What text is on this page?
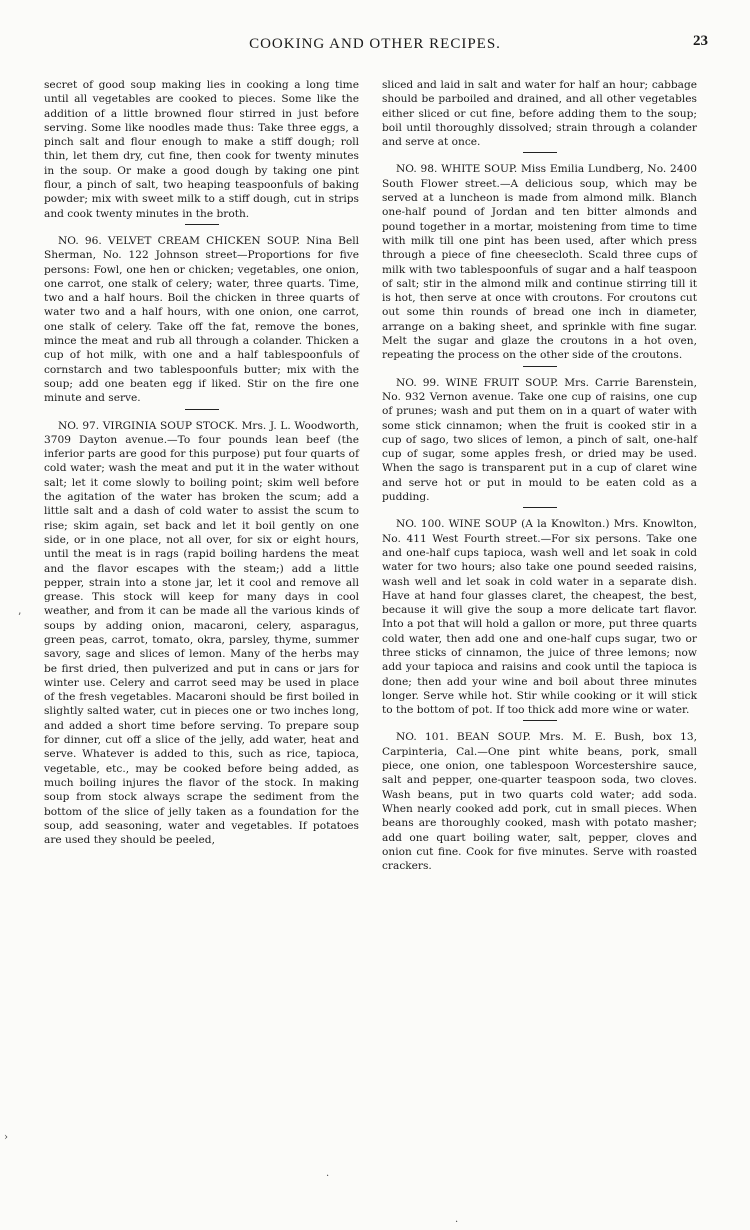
COOKING AND OTHER RECIPES.	23

secret of good soup making lies in cooking a long time until all vegetables are cooked to pieces. Some like the addition of a little browned flour stirred in just before serving. Some like noodles made thus: Take three eggs, a pinch salt and flour enough to make a stiff dough; roll thin, let them dry, cut fine, then cook for twenty minutes in the soup. Or make a good dough by taking one pint flour, a pinch of salt, two heaping teaspoonfuls of baking powder; mix with sweet milk to a stiff dough, cut in strips and cook twenty minutes in the broth.

NO. 96. VELVET CREAM CHICKEN SOUP. Nina Bell Sherman, No. 122 Johnson street—Proportions for five persons: Fowl, one hen or chicken; vegetables, one onion, one carrot, one stalk of celery; water, three quarts. Time, two and a half hours. Boil the chicken in three quarts of water two and a half hours, with one onion, one carrot, one stalk of celery. Take off the fat, remove the bones, mince the meat and rub all through a colander. Thicken a cup of hot milk, with one and a half tablespoonfuls of cornstarch and two tablespoonfuls butter; mix with the soup; add one beaten egg if liked. Stir on the fire one minute and serve.

NO. 97. VIRGINIA SOUP STOCK. Mrs. J. L. Woodworth, 3709 Dayton avenue.—To four pounds lean beef (the inferior parts are good for this purpose) put four quarts of cold water; wash the meat and put it in the water without salt; let it come slowly to boiling point; skim well before the agitation of the water has broken the scum; add a little salt and a dash of cold water to assist the scum to rise; skim again, set back and let it boil gently on one side, or in one place, not all over, for six or eight hours, until the meat is in rags (rapid boiling hardens the meat and the flavor escapes with the steam;) add a little pepper, strain into a stone jar, let it cool and remove all grease. This stock will keep for many days in cool weather, and from it can be made all the various kinds of soups by adding onion, macaroni, celery, asparagus, green peas, carrot, tomato, okra, parsley, thyme, summer savory, sage and slices of lemon. Many of the herbs may be first dried, then pulverized and put in cans or jars for winter use. Celery and carrot seed may be used in place of the fresh vegetables. Macaroni should be first boiled in slightly salted water, cut in pieces one or two inches long, and added a short time before serving. To prepare soup for dinner, cut off a slice of the jelly, add water, heat and serve. Whatever is added to this, such as rice, tapioca, vegetable, etc., may be cooked before being added, as much boiling injures the flavor of the stock. In making soup from stock always scrape the sediment from the bottom of the slice of jelly taken as a foundation for the soup, add seasoning, water and vegetables. If potatoes are used they should be peeled,

sliced and laid in salt and water for half an hour; cabbage should be parboiled and drained, and all other vegetables either sliced or cut fine, before adding them to the soup; boil until thoroughly dissolved; strain through a colander and serve at once.

NO. 98. WHITE SOUP. Miss Emilia Lundberg, No. 2400 South Flower street.—A delicious soup, which may be served at a luncheon is made from almond milk. Blanch one-half pound of Jordan and ten bitter almonds and pound together in a mortar, moistening from time to time with milk till one pint has been used, after which press through a piece of fine cheesecloth. Scald three cups of milk with two tablespoonfuls of sugar and a half teaspoon of salt; stir in the almond milk and continue stirring till it is hot, then serve at once with croutons. For croutons cut out some thin rounds of bread one inch in diameter, arrange on a baking sheet, and sprinkle with fine sugar. Melt the sugar and glaze the croutons in a hot oven, repeating the process on the other side of the croutons.

NO. 99. WINE FRUIT SOUP. Mrs. Carrie Barenstein, No. 932 Vernon avenue. Take one cup of raisins, one cup of prunes; wash and put them on in a quart of water with some stick cinnamon; when the fruit is cooked stir in a cup of sago, two slices of lemon, a pinch of salt, one-half cup of sugar, some apples fresh, or dried may be used. When the sago is transparent put in a cup of claret wine and serve hot or put in mould to be eaten cold as a pudding.

NO. 100. WINE SOUP (A la Knowlton.) Mrs. Knowlton, No. 411 West Fourth street.—For six persons. Take one and one-half cups tapioca, wash well and let soak in cold water for two hours; also take one pound seeded raisins, wash well and let soak in cold water in a separate dish. Have at hand four glasses claret, the cheapest, the best, because it will give the soup a more delicate tart flavor. Into a pot that will hold a gallon or more, put three quarts cold water, then add one and one-half cups sugar, two or three sticks of cinnamon, the juice of three lemons; now add your tapioca and raisins and cook until the tapioca is done; then add your wine and boil about three minutes longer. Serve while hot. Stir while cooking or it will stick to the bottom of pot. If too thick add more wine or water.

NO. 101. BEAN SOUP. Mrs. M. E. Bush, box 13, Carpinteria, Cal.—One pint white beans, pork, small piece, one onion, one tablespoon Worcestershire sauce, salt and pepper, one-quarter teaspoon soda, two cloves. Wash beans, put in two quarts cold water; add soda. When nearly cooked add pork, cut in small pieces. When beans are thoroughly cooked, mash with potato masher; add one quart boiling water, salt, pepper, cloves and onion cut fine. Cook for five minutes. Serve with roasted crackers.

’
›
.
.
